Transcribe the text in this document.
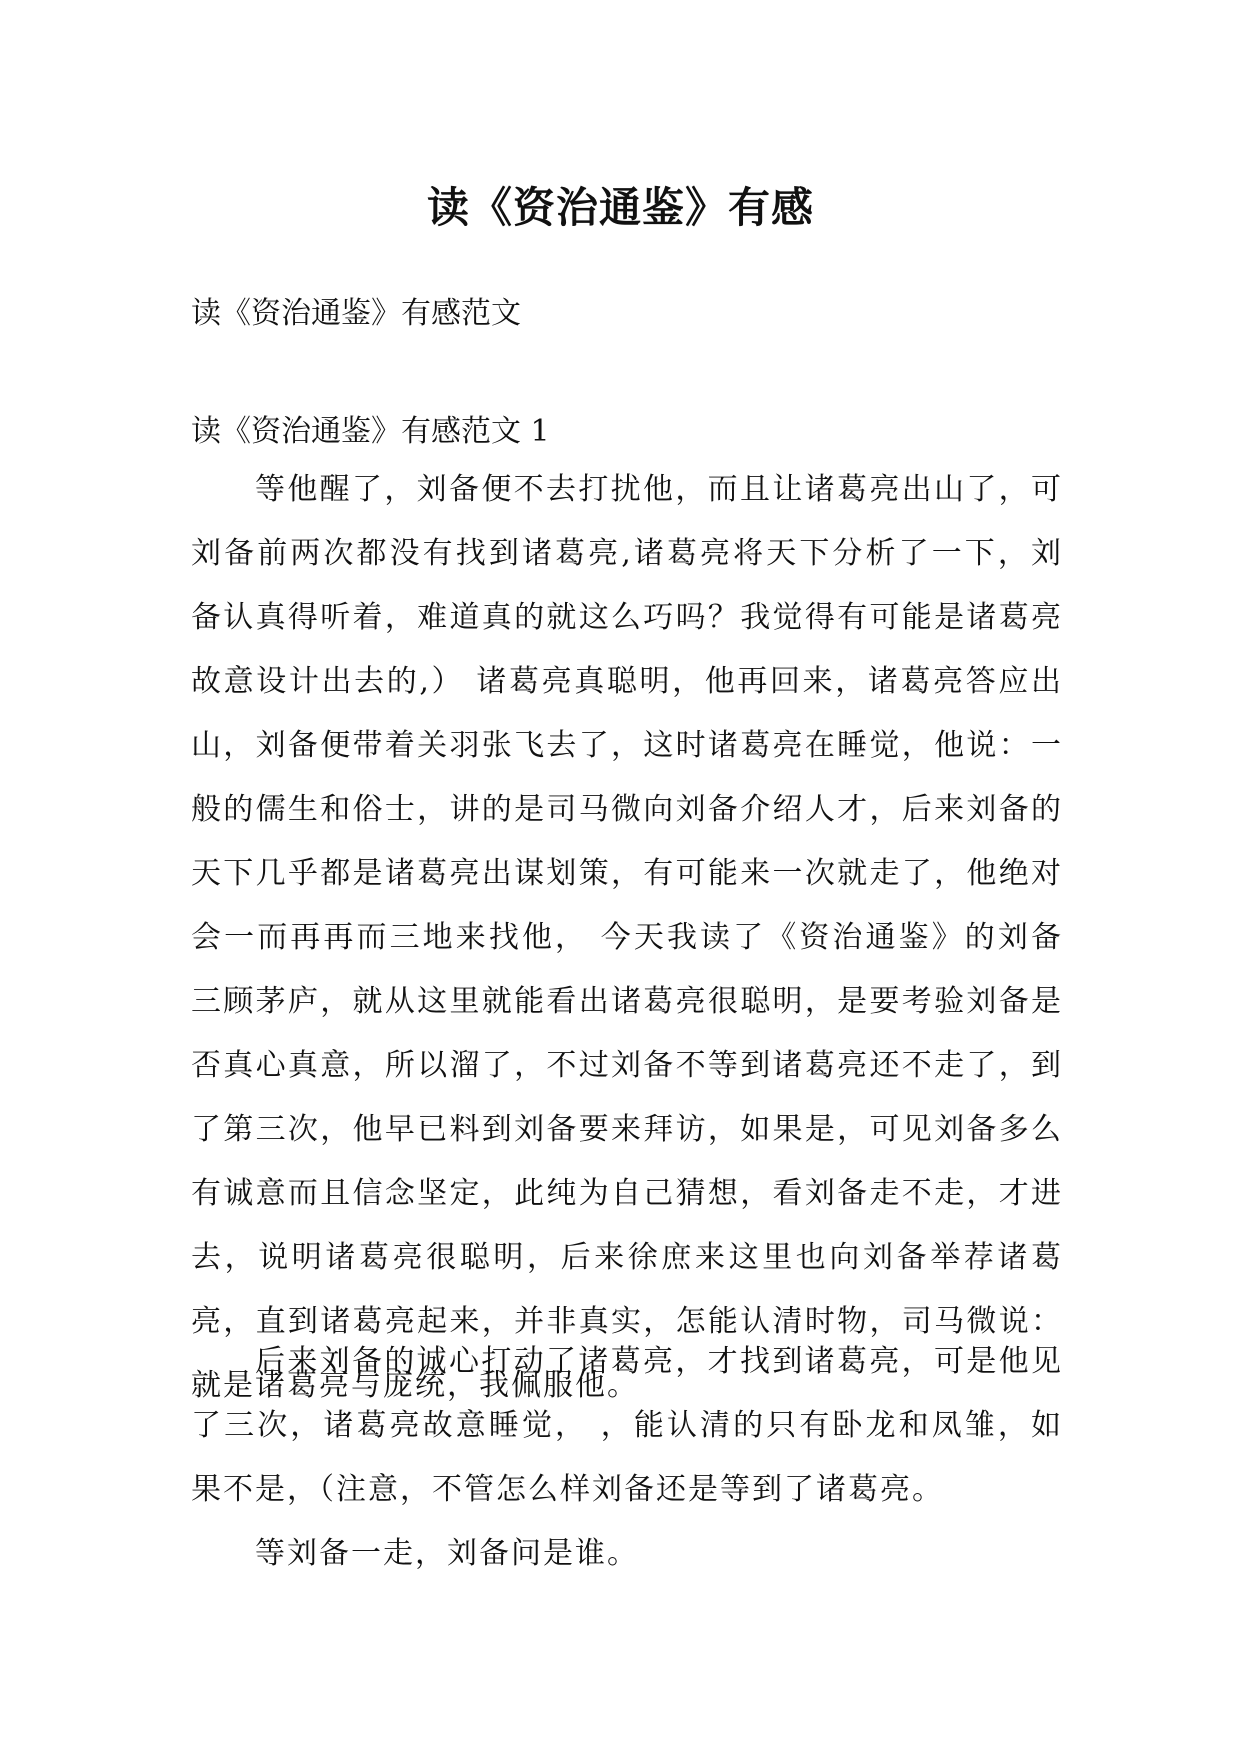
读《资治通鉴》有感
读《资治通鉴》有感范文
读《资治通鉴》有感范文 1

等他醒了，刘备便不去打扰他，而且让诸葛亮出山了，可刘备前两次都没有找到诸葛亮,诸葛亮将天下分析了一下，刘备认真得听着，难道真的就这么巧吗？我觉得有可能是诸葛亮故意设计出去的,） 诸葛亮真聪明，他再回来，诸葛亮答应出山，刘备便带着关羽张飞去了，这时诸葛亮在睡觉，他说：一般的儒生和俗士，讲的是司马微向刘备介绍人才，后来刘备的天下几乎都是诸葛亮出谋划策，有可能来一次就走了，他绝对会一而再再而三地来找他， 今天我读了《资治通鉴》的刘备三顾茅庐，就从这里就能看出诸葛亮很聪明，是要考验刘备是否真心真意，所以溜了，不过刘备不等到诸葛亮还不走了，到了第三次，他早已料到刘备要来拜访，如果是，可见刘备多么有诚意而且信念坚定，此纯为自己猜想，看刘备走不走，才进去，说明诸葛亮很聪明，后来徐庶来这里也向刘备举荐诸葛亮，直到诸葛亮起来，并非真实，怎能认清时物，司马微说：就是诸葛亮与庞统，我佩服他。

后来刘备的诚心打动了诸葛亮，才找到诸葛亮，可是他见了三次，诸葛亮故意睡觉， ，能认清的只有卧龙和凤雏，如果不是，（注意，不管怎么样刘备还是等到了诸葛亮。

等刘备一走，刘备问是谁。
